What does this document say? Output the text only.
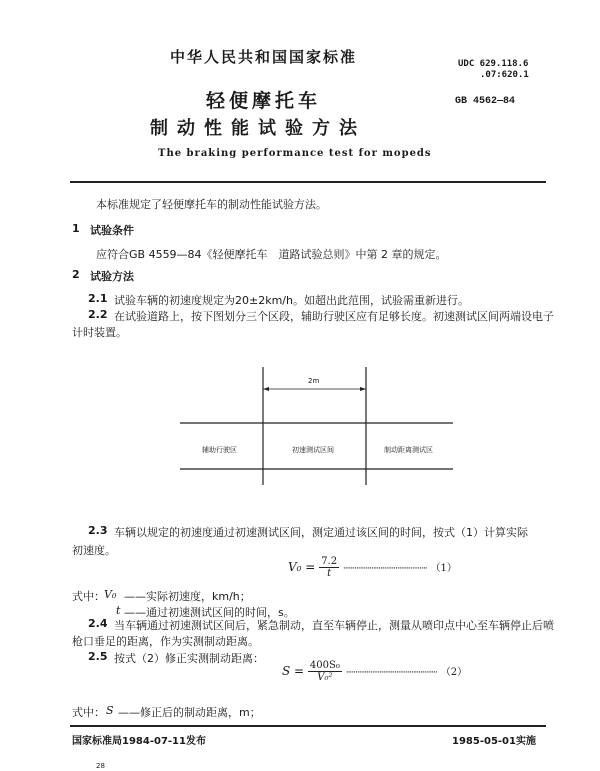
中华人民共和国国家标准	UDC 629.118.6
.07:620.1
GB 4562—84
轻便摩托车
制动性能试验方法
The braking performance test for mopeds
本标准规定了轻便摩托车的制动性能试验方法。
1 试验条件
应符合GB 4559—84《轻便摩托车　道路试验总则》中第 2 章的规定。
2 试验方法
2.1 试验车辆的初速度规定为20±2km/h。如超出此范围，试验需重新进行。
2.2 在试验道路上，按下图划分三个区段，辅助行驶区应有足够长度。初速测试区间两端设电子
计时装置。
2m
辅助行驶区	初速测试区间	制动距离测试区
2.3 车辆以规定的初速度通过初速测试区间，测定通过该区间的时间，按式（1）计算实际
初速度。
$V_0 = \frac{7.2}{t}$ ············································· （1）
式中： V₀ ——实际初速度，km/h；
t ——通过初速测试区间的时间，s。
2.4 当车辆通过初速测试区间后，紧急制动，直至车辆停止，测量从喷印点中心至车辆停止后喷
枪口垂足的距离，作为实测制动距离。
2.5 按式（2）修正实测制动距离：
$S = \frac{\text{400S₀}}{\text{V₀²}}$ ················································· （2）
式中： S ——修正后的制动距离，m；
国家标准局1984-07-11发布	1985-05-01实施
28
